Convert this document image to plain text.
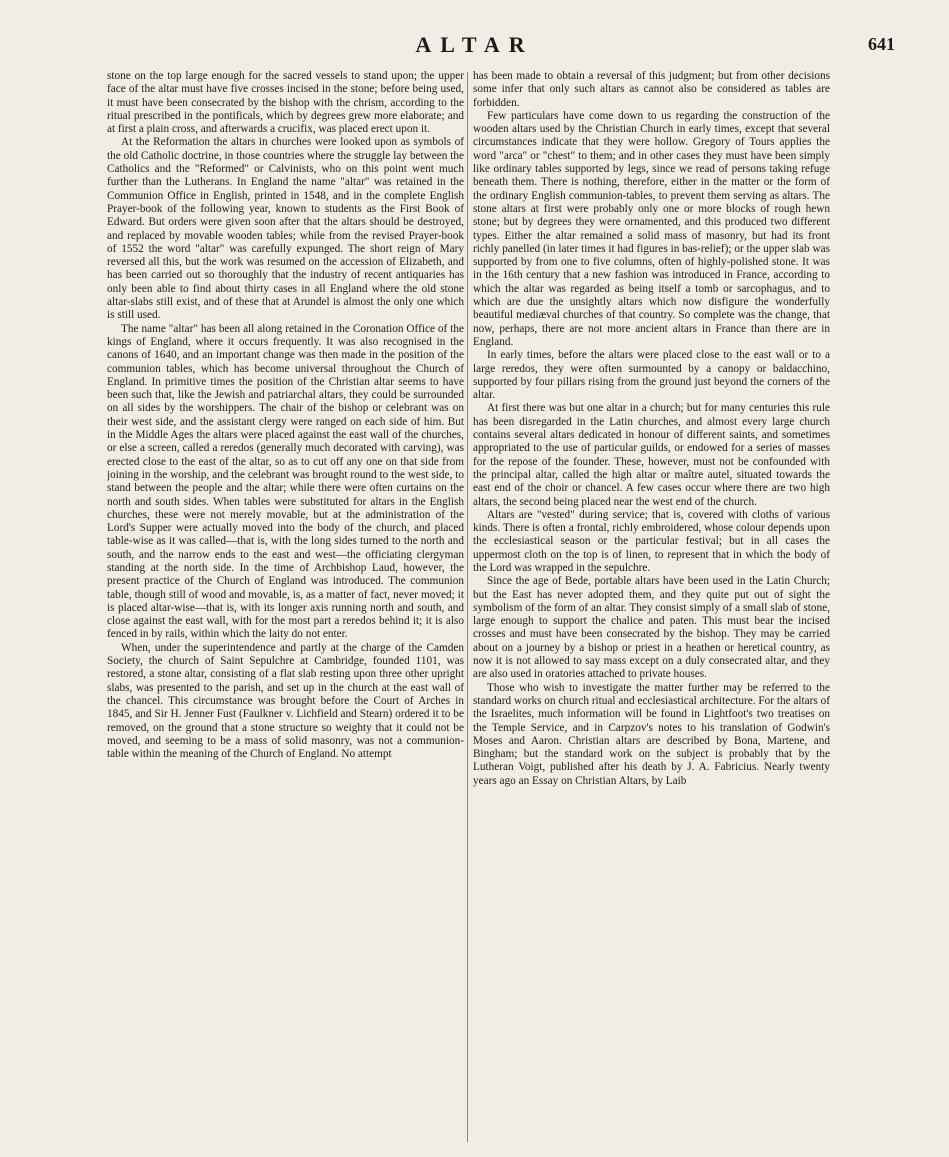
ALTAR	641

stone on the top large enough for the sacred vessels to stand upon; the upper face of the altar must have five crosses incised in the stone; before being used, it must have been consecrated by the bishop with the chrism, according to the ritual prescribed in the pontificals, which by degrees grew more elaborate; and at first a plain cross, and afterwards a crucifix, was placed erect upon it.

At the Reformation the altars in churches were looked upon as symbols of the old Catholic doctrine, in those countries where the struggle lay between the Catholics and the "Reformed" or Calvinists, who on this point went much further than the Lutherans. In England the name "altar" was retained in the Communion Office in English, printed in 1548, and in the complete English Prayer-book of the following year, known to students as the First Book of Edward. But orders were given soon after that the altars should be destroyed, and replaced by movable wooden tables; while from the revised Prayer-book of 1552 the word "altar" was carefully expunged. The short reign of Mary reversed all this, but the work was resumed on the accession of Elizabeth, and has been carried out so thoroughly that the industry of recent antiquaries has only been able to find about thirty cases in all England where the old stone altar-slabs still exist, and of these that at Arundel is almost the only one which is still used.

The name "altar" has been all along retained in the Coronation Office of the kings of England, where it occurs frequently. It was also recognised in the canons of 1640, and an important change was then made in the position of the communion tables, which has become universal throughout the Church of England. In primitive times the position of the Christian altar seems to have been such that, like the Jewish and patriarchal altars, they could be surrounded on all sides by the worshippers. The chair of the bishop or celebrant was on their west side, and the assistant clergy were ranged on each side of him. But in the Middle Ages the altars were placed against the east wall of the churches, or else a screen, called a reredos (generally much decorated with carving), was erected close to the east of the altar, so as to cut off any one on that side from joining in the worship, and the celebrant was brought round to the west side, to stand between the people and the altar; while there were often curtains on the north and south sides. When tables were substituted for altars in the English churches, these were not merely movable, but at the administration of the Lord's Supper were actually moved into the body of the church, and placed table-wise as it was called—that is, with the long sides turned to the north and south, and the narrow ends to the east and west—the officiating clergyman standing at the north side. In the time of Archbishop Laud, however, the present practice of the Church of England was introduced. The communion table, though still of wood and movable, is, as a matter of fact, never moved; it is placed altar-wise—that is, with its longer axis running north and south, and close against the east wall, with for the most part a reredos behind it; it is also fenced in by rails, within which the laity do not enter.

When, under the superintendence and partly at the charge of the Camden Society, the church of Saint Sepulchre at Cambridge, founded 1101, was restored, a stone altar, consisting of a flat slab resting upon three other upright slabs, was presented to the parish, and set up in the church at the east wall of the chancel. This circumstance was brought before the Court of Arches in 1845, and Sir H. Jenner Fust (Faulkner v. Lichfield and Stearn) ordered it to be removed, on the ground that a stone structure so weighty that it could not be moved, and seeming to be a mass of solid masonry, was not a communion-table within the meaning of the Church of England. No attempt

has been made to obtain a reversal of this judgment; but from other decisions some infer that only such altars as cannot also be considered as tables are forbidden.

Few particulars have come down to us regarding the construction of the wooden altars used by the Christian Church in early times, except that several circumstances indicate that they were hollow. Gregory of Tours applies the word "arca" or "chest" to them; and in other cases they must have been simply like ordinary tables supported by legs, since we read of persons taking refuge beneath them. There is nothing, therefore, either in the matter or the form of the ordinary English communion-tables, to prevent them serving as altars. The stone altars at first were probably only one or more blocks of rough hewn stone; but by degrees they were ornamented, and this produced two different types. Either the altar remained a solid mass of masonry, but had its front richly panelled (in later times it had figures in bas-relief); or the upper slab was supported by from one to five columns, often of highly-polished stone. It was in the 16th century that a new fashion was introduced in France, according to which the altar was regarded as being itself a tomb or sarcophagus, and to which are due the unsightly altars which now disfigure the wonderfully beautiful mediæval churches of that country. So complete was the change, that now, perhaps, there are not more ancient altars in France than there are in England.

In early times, before the altars were placed close to the east wall or to a large reredos, they were often surmounted by a canopy or baldacchino, supported by four pillars rising from the ground just beyond the corners of the altar.

At first there was but one altar in a church; but for many centuries this rule has been disregarded in the Latin churches, and almost every large church contains several altars dedicated in honour of different saints, and sometimes appropriated to the use of particular guilds, or endowed for a series of masses for the repose of the founder. These, however, must not be confounded with the principal altar, called the high altar or maître autel, situated towards the east end of the choir or chancel. A few cases occur where there are two high altars, the second being placed near the west end of the church.

Altars are "vested" during service; that is, covered with cloths of various kinds. There is often a frontal, richly embroidered, whose colour depends upon the ecclesiastical season or the particular festival; but in all cases the uppermost cloth on the top is of linen, to represent that in which the body of the Lord was wrapped in the sepulchre.

Since the age of Bede, portable altars have been used in the Latin Church; but the East has never adopted them, and they quite put out of sight the symbolism of the form of an altar. They consist simply of a small slab of stone, large enough to support the chalice and paten. This must bear the incised crosses and must have been consecrated by the bishop. They may be carried about on a journey by a bishop or priest in a heathen or heretical country, as now it is not allowed to say mass except on a duly consecrated altar, and they are also used in oratories attached to private houses.

Those who wish to investigate the matter further may be referred to the standard works on church ritual and ecclesiastical architecture. For the altars of the Israelites, much information will be found in Lightfoot's two treatises on the Temple Service, and in Carpzov's notes to his translation of Godwin's Moses and Aaron. Christian altars are described by Bona, Martene, and Bingham; but the standard work on the subject is probably that by the Lutheran Voigt, published after his death by J. A. Fabricius. Nearly twenty years ago an Essay on Christian Altars, by Laib
